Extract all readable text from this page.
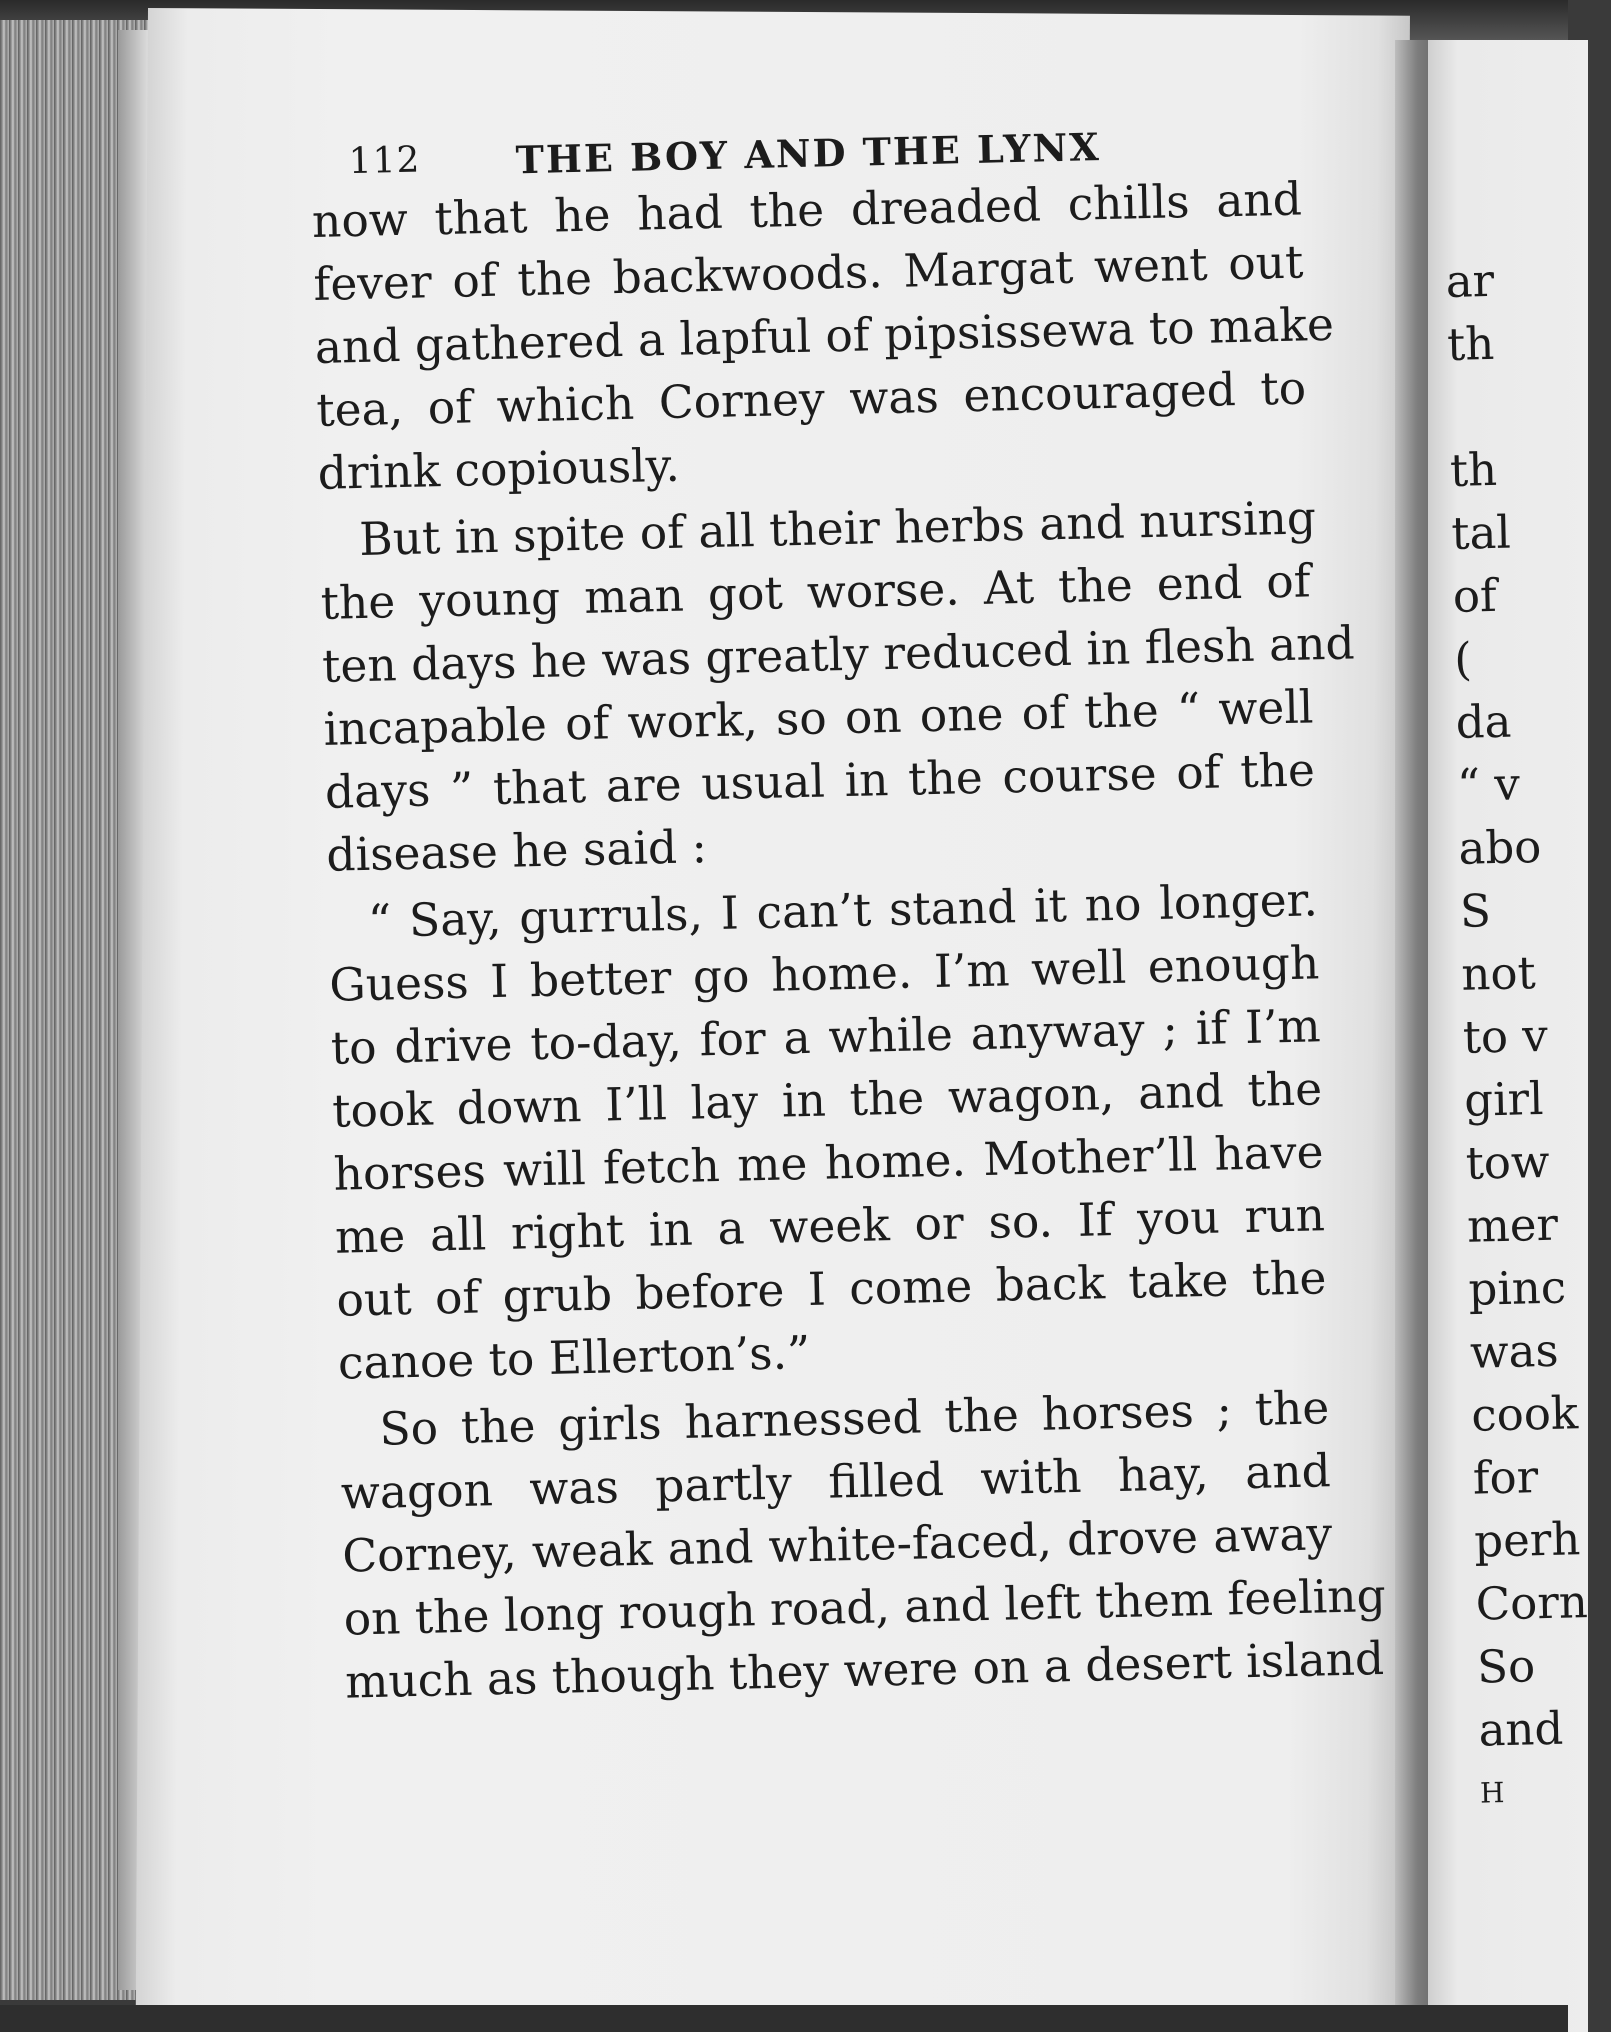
112 THE BOY AND THE LYNX
now that he had the dreaded chills and
fever of the backwoods. Margat went out
and gathered a lapful of pipsissewa to make
tea, of which Corney was encouraged to
drink copiously.
But in spite of all their herbs and nursing
the young man got worse. At the end of
ten days he was greatly reduced in flesh and
incapable of work, so on one of the “ well
days ” that are usual in the course of the
disease he said :
“ Say, gurruls, I can’t stand it no longer.
Guess I better go home. I’m well enough
to drive to-day, for a while anyway ; if I’m
took down I’ll lay in the wagon, and the
horses will fetch me home. Mother’ll have
me all right in a week or so. If you run
out of grub before I come back take the
canoe to Ellerton’s.”
So the girls harnessed the horses ; the
wagon was partly filled with hay, and
Corney, weak and white-faced, drove away
on the long rough road, and left them feeling
much as though they were on a desert island
ar
th
th
tal
of
(
da
“ v
abo
S
not
to v
girl
tow
mer
pinc
was
cook
for
perh
Corn
So
and
H
